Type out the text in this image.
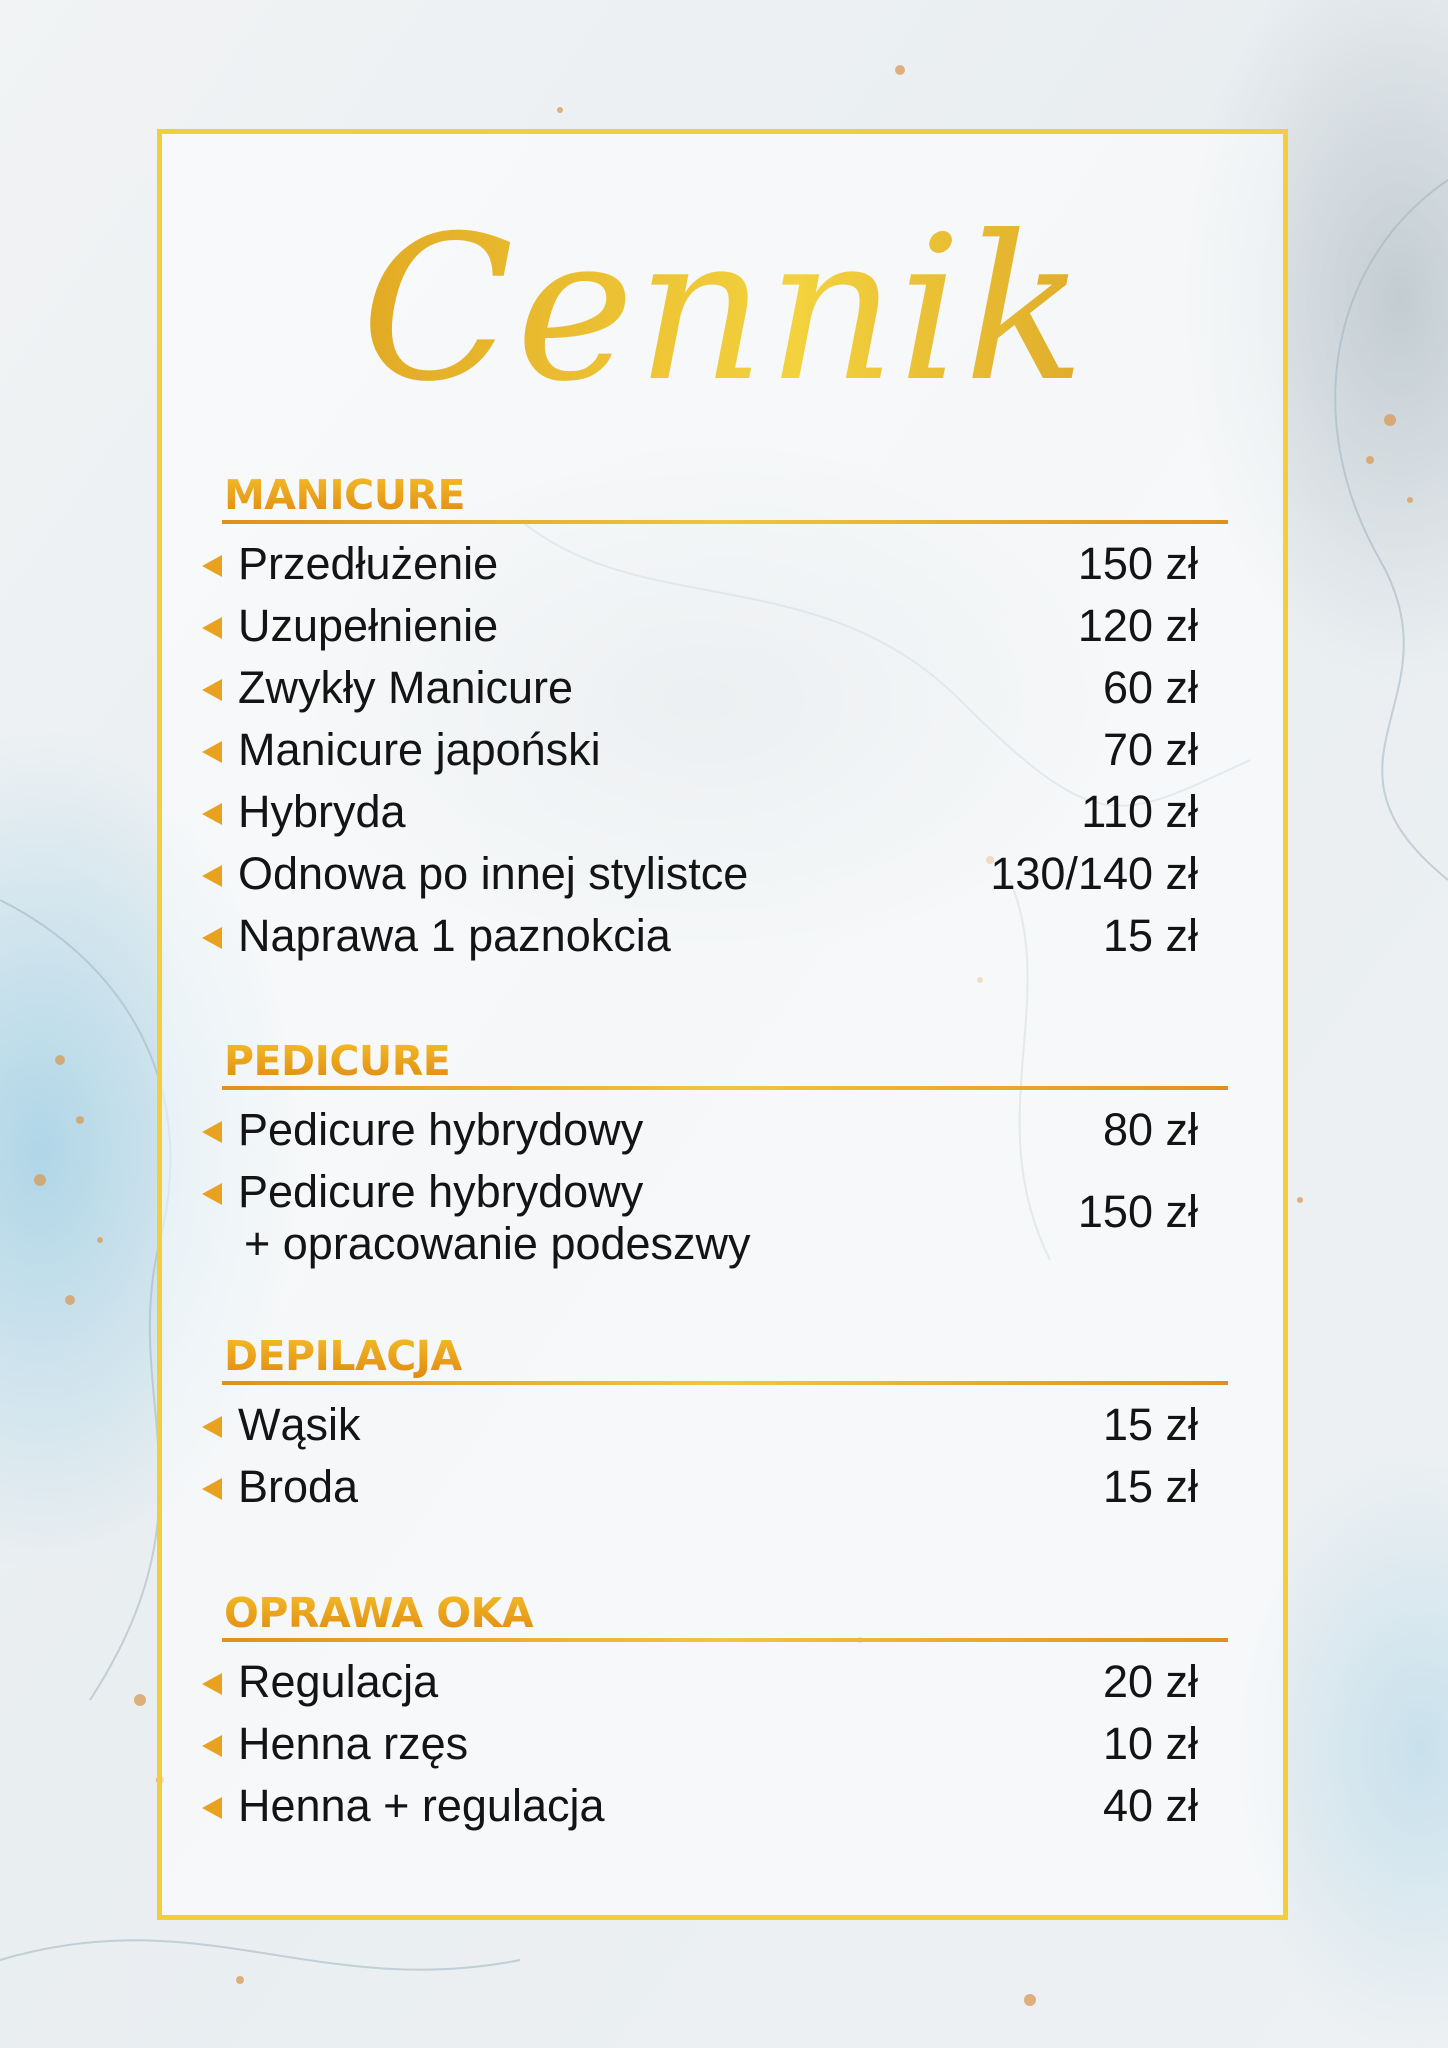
Cennik
MANICURE
Przedłużenie	150 zł
Uzupełnienie	120 zł
Zwykły Manicure	60 zł
Manicure japoński	70 zł
Hybryda	110 zł
Odnowa po innej stylistce	130/140 zł
Naprawa 1 paznokcia	15 zł
PEDICURE
Pedicure hybrydowy	80 zł
Pedicure hybrydowy
+ opracowanie podeszwy
150 zł
DEPILACJA
Wąsik	15 zł
Broda	15 zł
OPRAWA OKA
Regulacja	20 zł
Henna rzęs	10 zł
Henna + regulacja	40 zł
